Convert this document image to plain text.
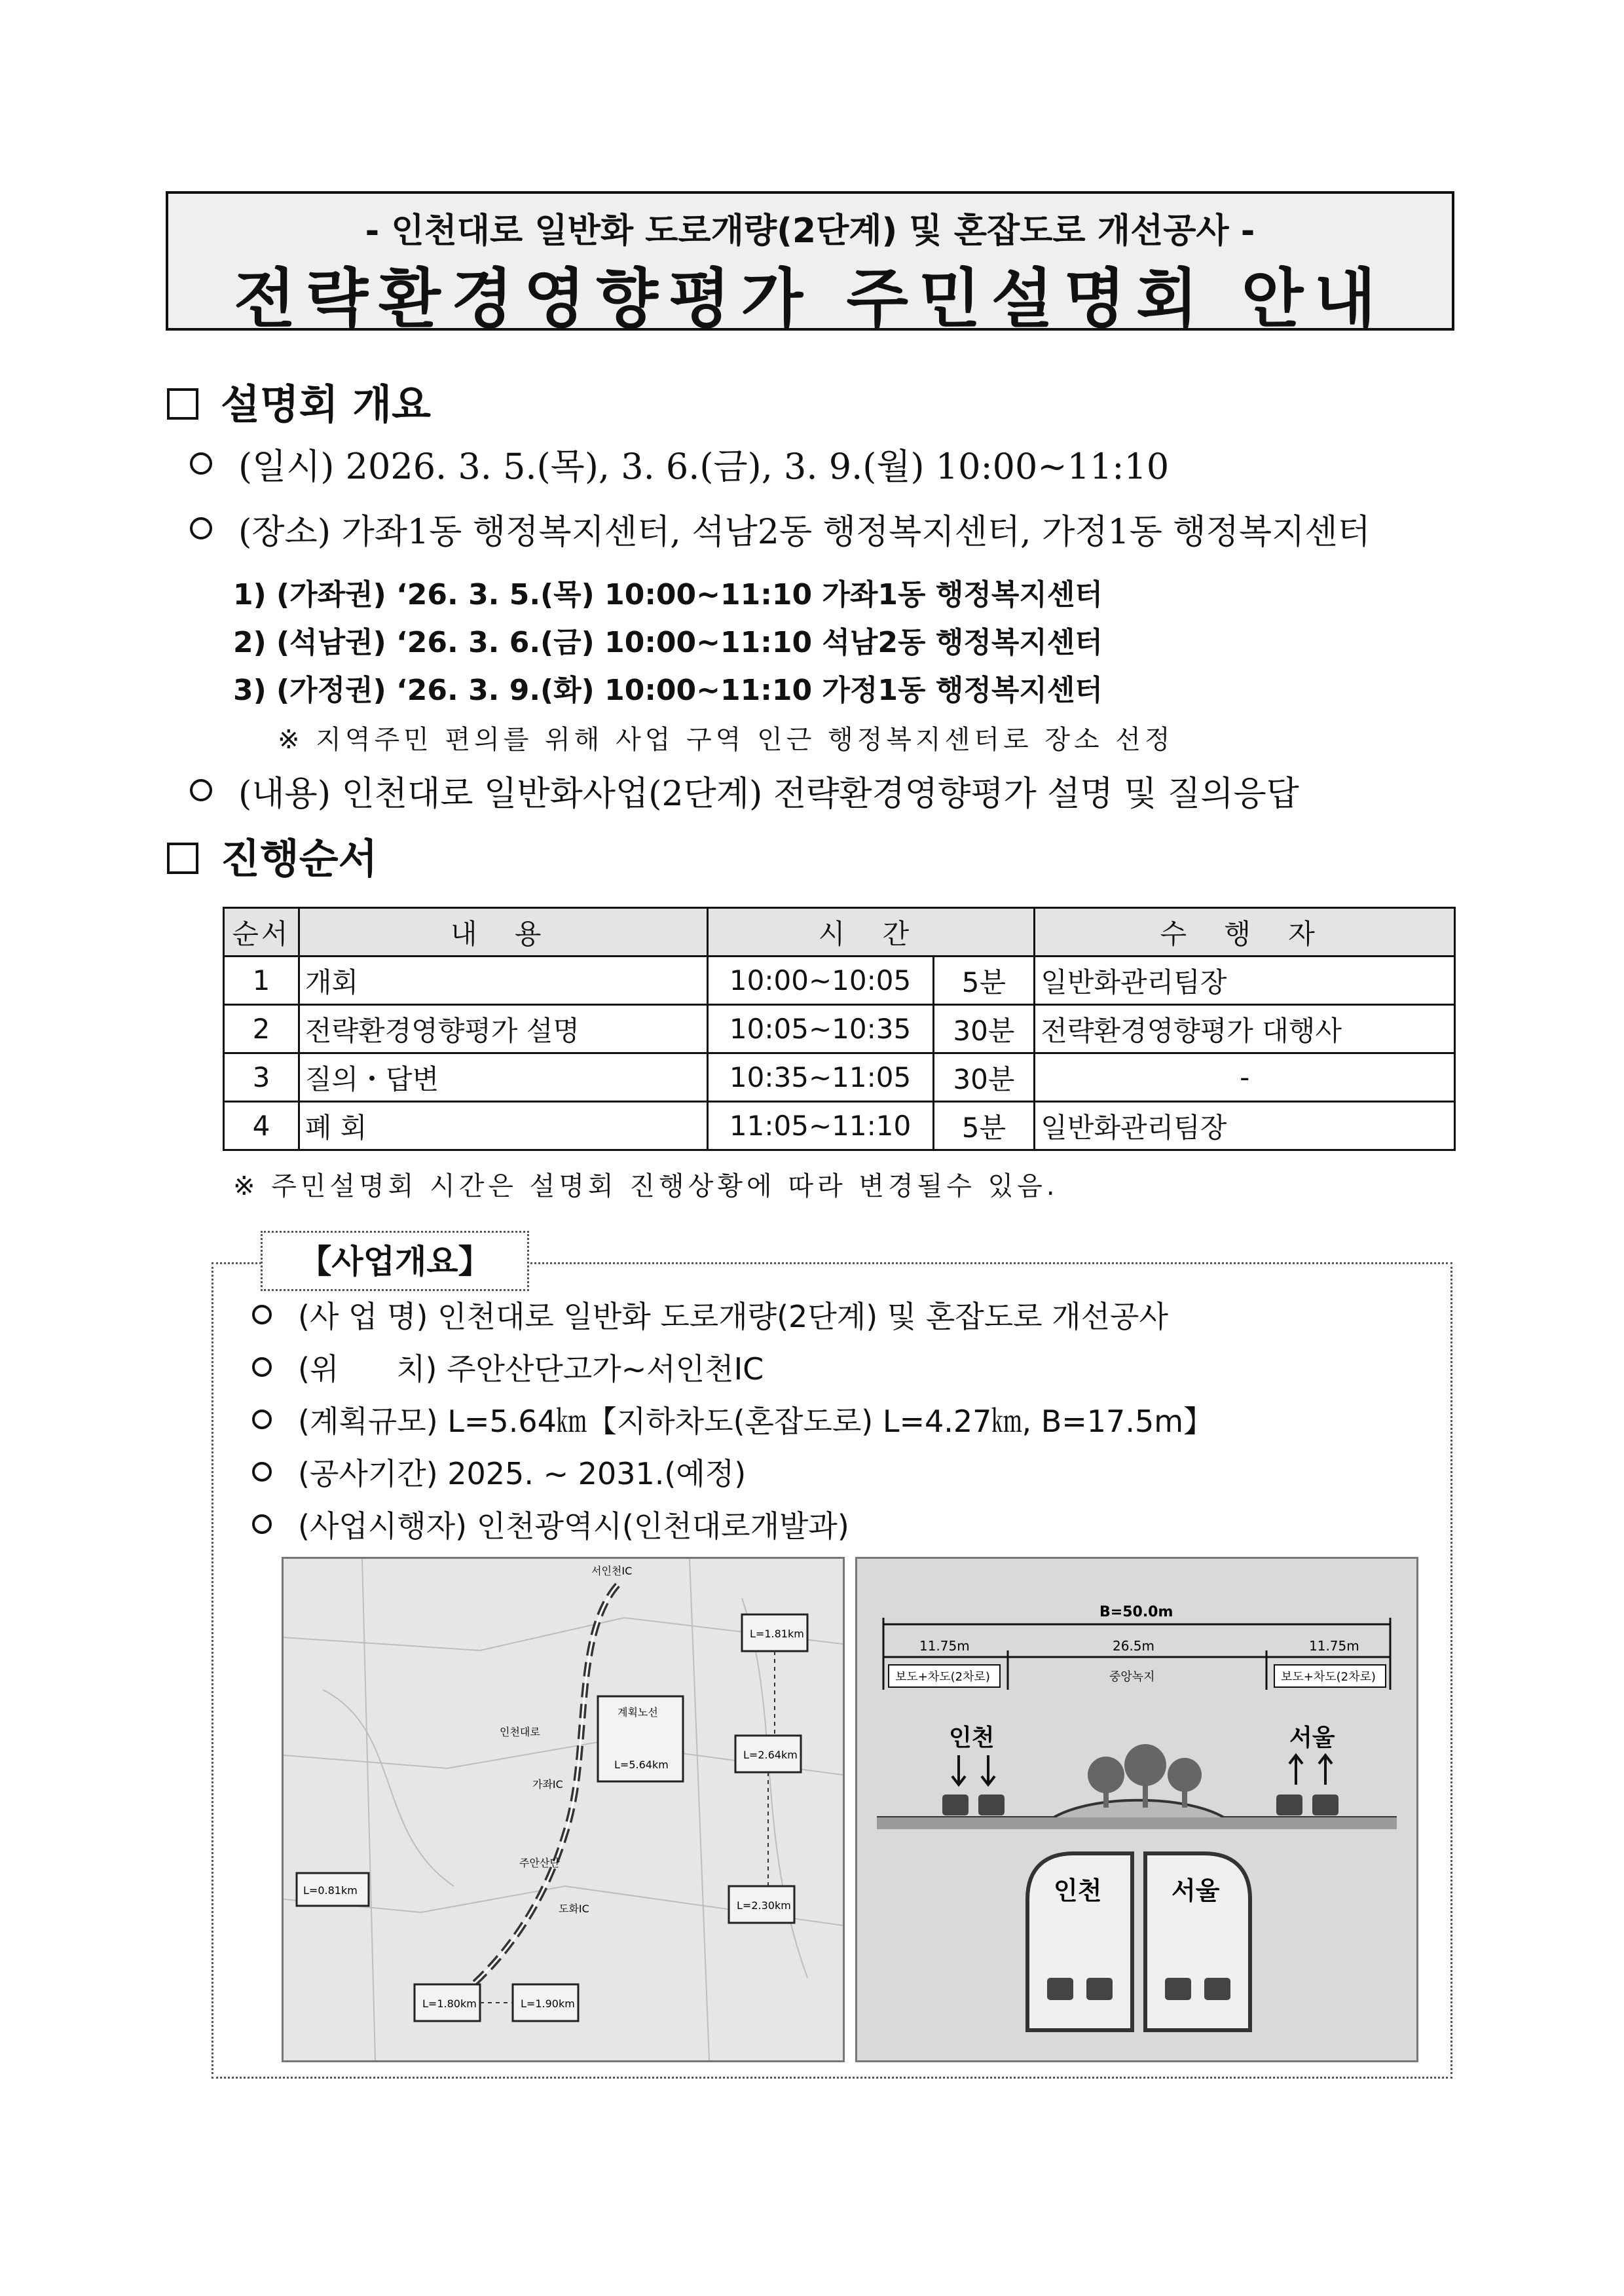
- 인천대로 일반화 도로개량(2단계) 및 혼잡도로 개선공사 -
전략환경영향평가 주민설명회 안내
설명회 개요
(일시) 2026. 3. 5.(목), 3. 6.(금), 3. 9.(월) 10:00~11:10
(장소) 가좌1동 행정복지센터, 석남2동 행정복지센터, 가정1동 행정복지센터
1) (가좌권) ‘26. 3. 5.(목) 10:00~11:10 가좌1동 행정복지센터
2) (석남권) ‘26. 3. 6.(금) 10:00~11:10 석남2동 행정복지센터
3) (가정권) ‘26. 3. 9.(화) 10:00~11:10 가정1동 행정복지센터
※ 지역주민 편의를 위해 사업 구역 인근 행정복지센터로 장소 선정
(내용) 인천대로 일반화사업(2단계) 전략환경영향평가 설명 및 질의응답
진행순서
순서	내 용	시 간		수 행 자
1	개회	10:00~10:05	5분	일반화관리팀장
2	전략환경영향평가 설명	10:05~10:35	30분	전략환경영향평가 대행사
3	질의・답변	10:35~11:05	30분	-
4	폐 회	11:05~11:10	5분	일반화관리팀장
※ 주민설명회 시간은 설명회 진행상황에 따라 변경될수 있음.
【사업개요】
(사 업 명) 인천대로 일반화 도로개량(2단계) 및 혼잡도로 개선공사
(위      치) 주안산단고가~서인천IC
(계획규모) L=5.64㎞【지하차도(혼잡도로) L=4.27㎞, B=17.5m】
(공사기간) 2025. ~ 2031.(예정)
(사업시행자) 인천광역시(인천대로개발과)
서인천IC
L=1.81km
계획노선
L=5.64km
L=2.64km
L=2.30km
L=1.80km	L=1.90km
L=0.81km
주안산단
도화IC
가좌IC
인천대로
B=50.0m
11.75m	26.5m	11.75m
보도+차도(2차로)	중앙녹지	보도+차도(2차로)
인천	서울
인천	서울
